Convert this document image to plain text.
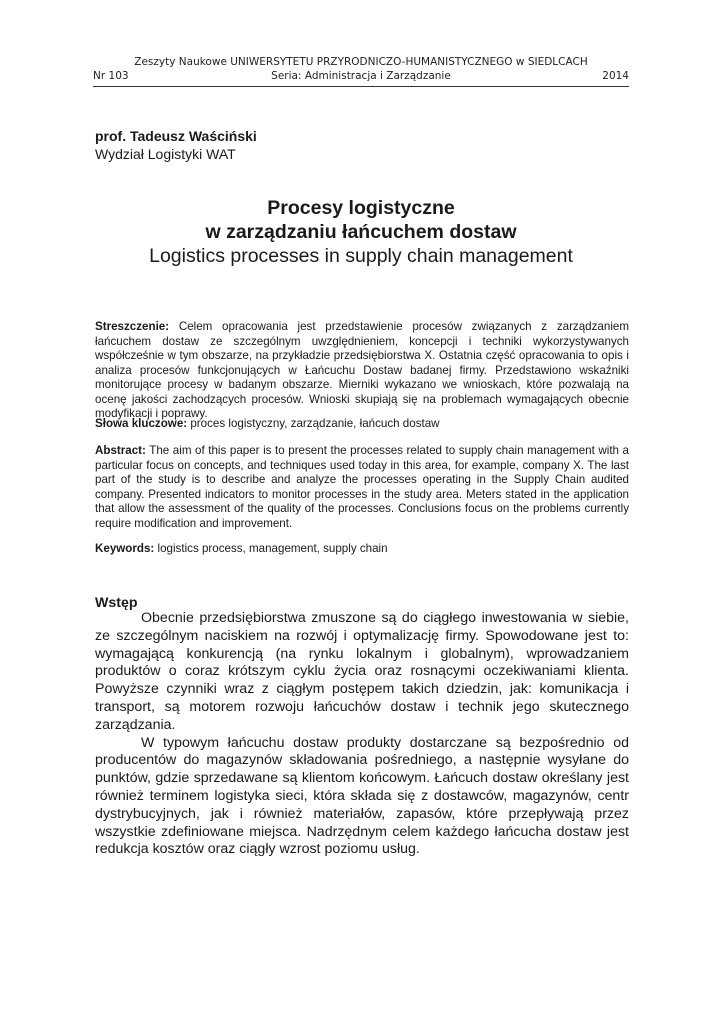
Zeszyty Naukowe UNIWERSYTETU PRZYRODNICZO-HUMANISTYCZNEGO w SIEDLCACH
Nr 103	Seria: Administracja i Zarządzanie	2014
prof. Tadeusz Waściński
Wydział Logistyki WAT
Procesy logistyczne
w zarządzaniu łańcuchem dostaw
Logistics processes in supply chain management
Streszczenie: Celem opracowania jest przedstawienie procesów związanych z zarządzaniem łańcuchem dostaw ze szczególnym uwzględnieniem, koncepcji i techniki wykorzystywanych współcześnie w tym obszarze, na przykładzie przedsiębiorstwa X. Ostatnia część opracowania to opis i analiza procesów funkcjonujących w Łańcuchu Dostaw badanej firmy. Przedstawiono wskaźniki monitorujące procesy w badanym obszarze. Mierniki wykazano we wnioskach, które pozwalają na ocenę jakości zachodzących procesów. Wnioski skupiają się na problemach wymagających obecnie modyfikacji i poprawy.
Słowa kluczowe: proces logistyczny, zarządzanie, łańcuch dostaw
Abstract: The aim of this paper is to present the processes related to supply chain management with a particular focus on concepts, and techniques used today in this area, for example, company X. The last part of the study is to describe and analyze the processes operating in the Supply Chain audited company. Presented indicators to monitor processes in the study area. Meters stated in the application that allow the assessment of the quality of the processes. Conclusions focus on the problems currently require modification and improvement.
Keywords: logistics process, management, supply chain
Wstęp

Obecnie przedsiębiorstwa zmuszone są do ciągłego inwestowania w siebie, ze szczególnym naciskiem na rozwój i optymalizację firmy. Spowodowane jest to: wymagającą konkurencją (na rynku lokalnym i globalnym), wprowadzaniem produktów o coraz krótszym cyklu życia oraz rosnącymi oczekiwaniami klienta. Powyższe czynniki wraz z ciągłym postępem takich dziedzin, jak: komunikacja i transport, są motorem rozwoju łańcuchów dostaw i technik jego skutecznego zarządzania.

W typowym łańcuchu dostaw produkty dostarczane są bezpośrednio od producentów do magazynów składowania pośredniego, a następnie wysyłane do punktów, gdzie sprzedawane są klientom końcowym. Łańcuch dostaw określany jest również terminem logistyka sieci, która składa się z dostawców, magazynów, centr dystrybucyjnych, jak i również materiałów, zapasów, które przepływają przez wszystkie zdefiniowane miejsca. Nadrzędnym celem każdego łańcucha dostaw jest redukcja kosztów oraz ciągły wzrost poziomu usług.
